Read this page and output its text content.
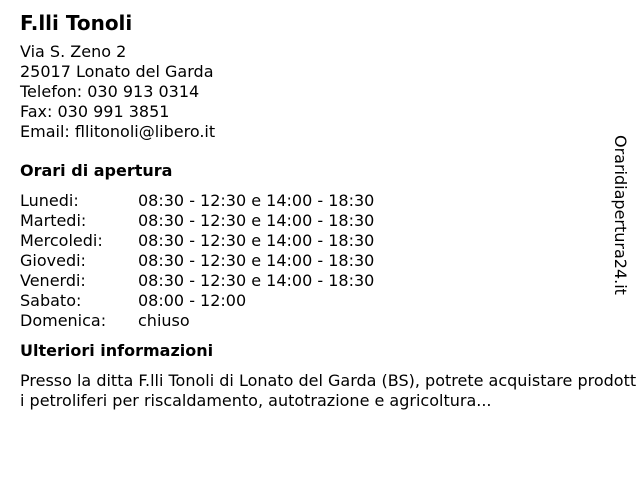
F.lli Tonoli
Via S. Zeno 2
25017 Lonato del Garda
Telefon: 030 913 0314
Fax: 030 991 3851
Email: fllitonoli@libero.it
Orari di apertura
Lunedi:	08:30 - 12:30 e 14:00 - 18:30
Martedi:	08:30 - 12:30 e 14:00 - 18:30
Mercoledi: 08:30 - 12:30 e 14:00 - 18:30
Giovedi:	08:30 - 12:30 e 14:00 - 18:30
Venerdi:	08:30 - 12:30 e 14:00 - 18:30
Sabato:	08:00 - 12:00
Domenica: chiuso
Ulteriori informazioni
Presso la ditta F.lli Tonoli di Lonato del Garda (BS), potrete acquistare prodotti petroliferi per riscaldamento, autotrazione e agricoltura...
Oraridiapertura24.it
